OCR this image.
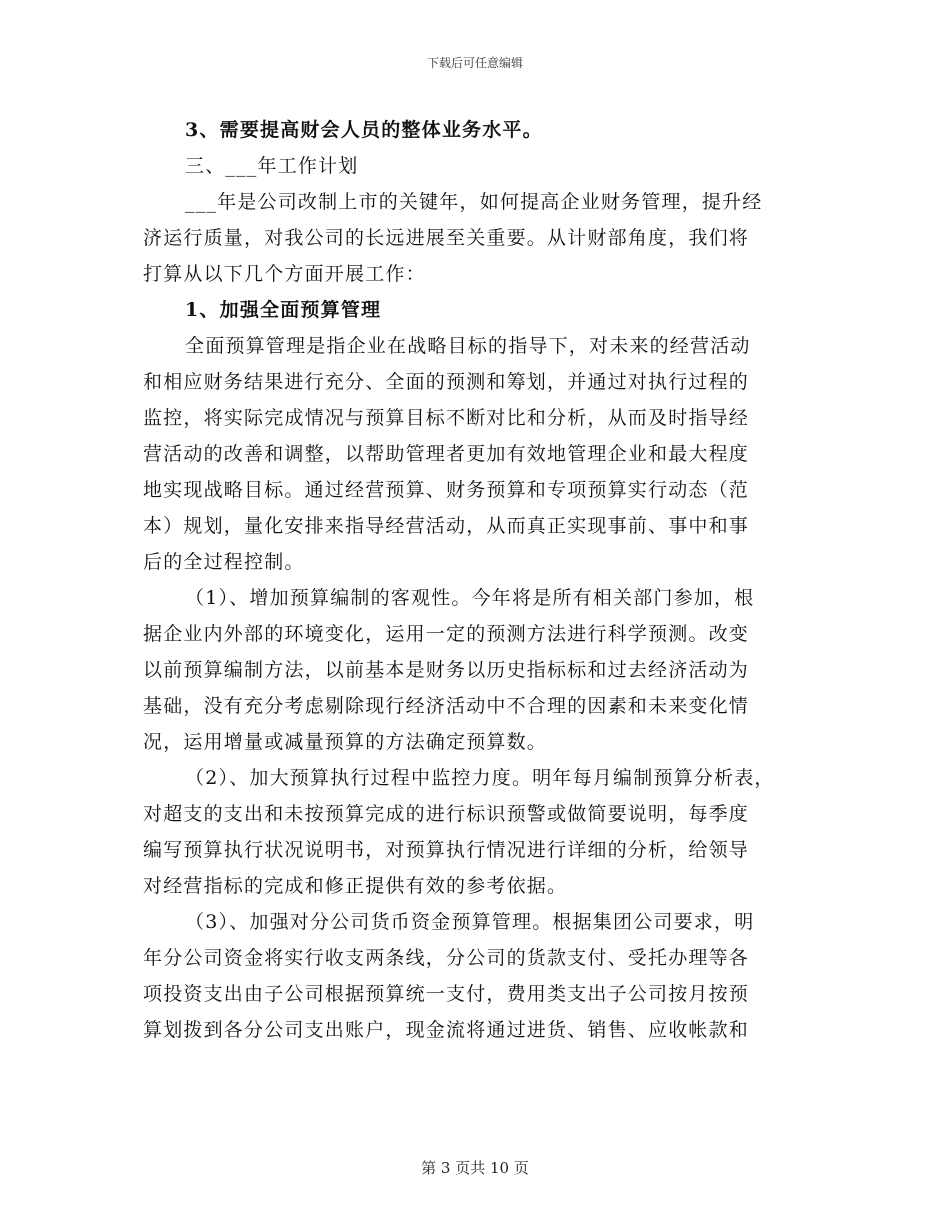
下载后可任意编辑
3、需要提高财会人员的整体业务水平。
三、___年工作计划
___年是公司改制上市的关键年，如何提高企业财务管理，提升经
济运行质量，对我公司的长远进展至关重要。从计财部角度，我们将
打算从以下几个方面开展工作：
1、加强全面预算管理
全面预算管理是指企业在战略目标的指导下，对未来的经营活动
和相应财务结果进行充分、全面的预测和筹划，并通过对执行过程的
监控，将实际完成情况与预算目标不断对比和分析，从而及时指导经
营活动的改善和调整，以帮助管理者更加有效地管理企业和最大程度
地实现战略目标。通过经营预算、财务预算和专项预算实行动态（范
本）规划，量化安排来指导经营活动，从而真正实现事前、事中和事
后的全过程控制。
（1）、增加预算编制的客观性。今年将是所有相关部门参加，根
据企业内外部的环境变化，运用一定的预测方法进行科学预测。改变
以前预算编制方法，以前基本是财务以历史指标标和过去经济活动为
基础，没有充分考虑剔除现行经济活动中不合理的因素和未来变化情
况，运用增量或减量预算的方法确定预算数。
（2）、加大预算执行过程中监控力度。明年每月编制预算分析表，
对超支的支出和未按预算完成的进行标识预警或做简要说明，每季度
编写预算执行状况说明书，对预算执行情况进行详细的分析，给领导
对经营指标的完成和修正提供有效的参考依据。
（3）、加强对分公司货币资金预算管理。根据集团公司要求，明
年分公司资金将实行收支两条线，分公司的货款支付、受托办理等各
项投资支出由子公司根据预算统一支付，费用类支出子公司按月按预
算划拨到各分公司支出账户，现金流将通过进货、销售、应收帐款和
第 3 页共 10 页
